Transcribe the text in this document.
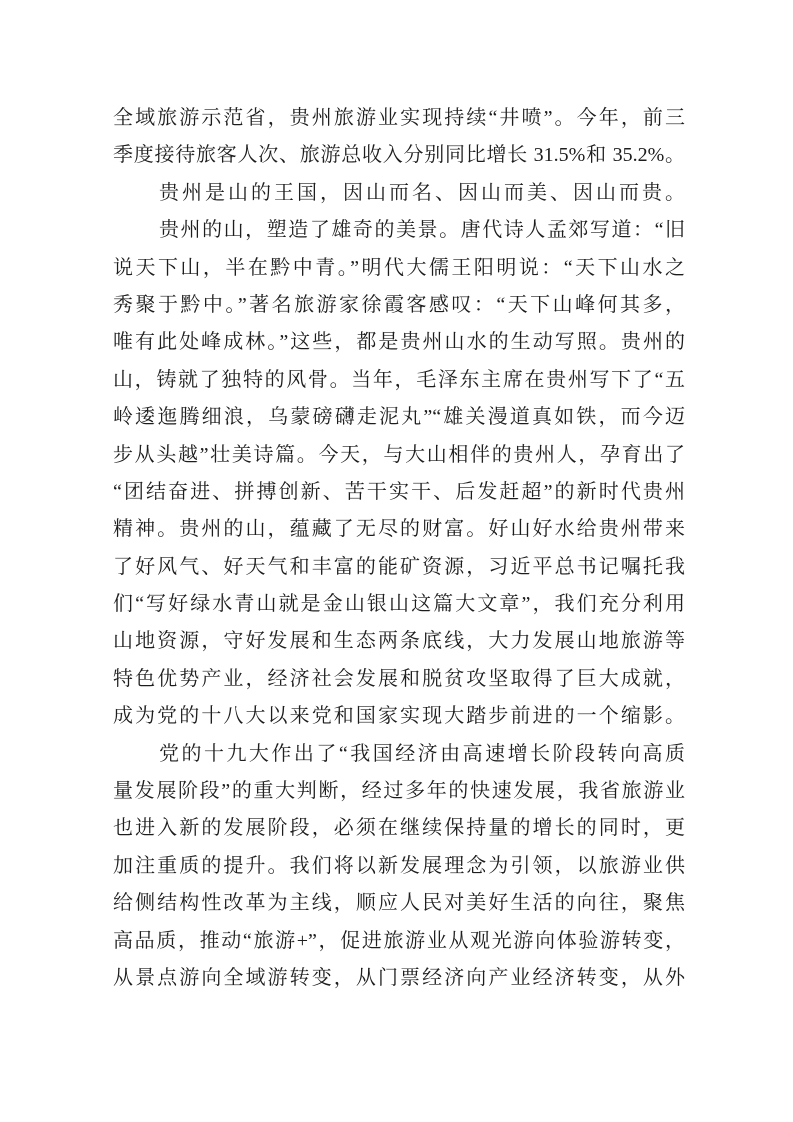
全域旅游示范省，贵州旅游业实现持续“井喷”。今年，前三
季度接待旅客人次、旅游总收入分别同比增长 31.5%和 35.2%。
贵州是山的王国，因山而名、因山而美、因山而贵。
贵州的山，塑造了雄奇的美景。唐代诗人孟郊写道：“旧
说天下山，半在黔中青。”明代大儒王阳明说：“天下山水之
秀聚于黔中。”著名旅游家徐霞客感叹：“天下山峰何其多，
唯有此处峰成林。”这些，都是贵州山水的生动写照。贵州的
山，铸就了独特的风骨。当年，毛泽东主席在贵州写下了“五
岭逶迤腾细浪，乌蒙磅礴走泥丸”“雄关漫道真如铁，而今迈
步从头越”壮美诗篇。今天，与大山相伴的贵州人，孕育出了
“团结奋进、拼搏创新、苦干实干、后发赶超”的新时代贵州
精神。贵州的山，蕴藏了无尽的财富。好山好水给贵州带来
了好风气、好天气和丰富的能矿资源，习近平总书记嘱托我
们“写好绿水青山就是金山银山这篇大文章”，我们充分利用
山地资源，守好发展和生态两条底线，大力发展山地旅游等
特色优势产业，经济社会发展和脱贫攻坚取得了巨大成就，
成为党的十八大以来党和国家实现大踏步前进的一个缩影。
党的十九大作出了“我国经济由高速增长阶段转向高质
量发展阶段”的重大判断，经过多年的快速发展，我省旅游业
也进入新的发展阶段，必须在继续保持量的增长的同时，更
加注重质的提升。我们将以新发展理念为引领，以旅游业供
给侧结构性改革为主线，顺应人民对美好生活的向往，聚焦
高品质，推动“旅游+”，促进旅游业从观光游向体验游转变，
从景点游向全域游转变，从门票经济向产业经济转变，从外
